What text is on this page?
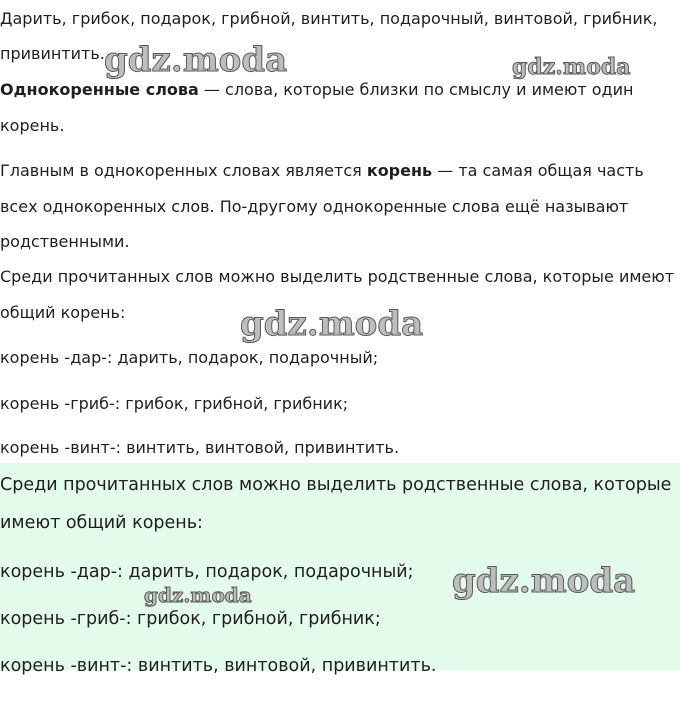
Дарить, грибок, подарок, грибной, винтить, подарочный, винтовой, грибник,
привинтить.
Однокоренные слова — слова, которые близки по смыслу и имеют один
корень.
Главным в однокоренных словах является корень — та самая общая часть
всех однокоренных слов. По-другому однокоренные слова ещё называют
родственными.
Среди прочитанных слов можно выделить родственные слова, которые имеют
общий корень:
корень -дар-: дарить, подарок, подарочный;
корень -гриб-: грибок, грибной, грибник;
корень -винт-: винтить, винтовой, привинтить.
Среди прочитанных слов можно выделить родственные слова, которые
имеют общий корень:
корень -дар-: дарить, подарок, подарочный;
корень -гриб-: грибок, грибной, грибник;
корень -винт-: винтить, винтовой, привинтить.
gdz.moda	gdz.moda
gdz.moda
gdz.moda
gdz.moda
